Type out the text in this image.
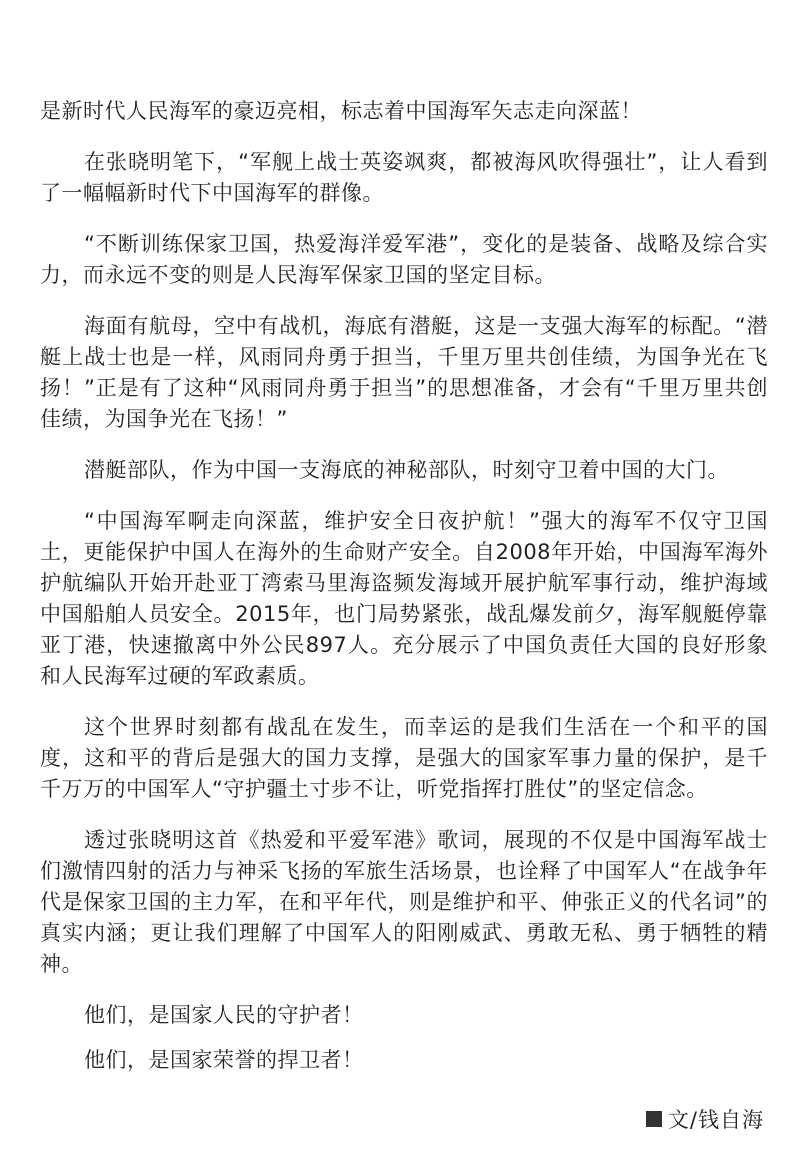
是新时代人民海军的豪迈亮相，标志着中国海军矢志走向深蓝！

在张晓明笔下，“军舰上战士英姿飒爽，都被海风吹得强壮”，让人看到了一幅幅新时代下中国海军的群像。

“不断训练保家卫国，热爱海洋爱军港”，变化的是装备、战略及综合实力，而永远不变的则是人民海军保家卫国的坚定目标。

海面有航母，空中有战机，海底有潜艇，这是一支强大海军的标配。“潜艇上战士也是一样，风雨同舟勇于担当，千里万里共创佳绩，为国争光在飞扬！”正是有了这种“风雨同舟勇于担当”的思想准备，才会有“千里万里共创佳绩，为国争光在飞扬！”

潜艇部队，作为中国一支海底的神秘部队，时刻守卫着中国的大门。

“中国海军啊走向深蓝，维护安全日夜护航！”强大的海军不仅守卫国土，更能保护中国人在海外的生命财产安全。自2008年开始，中国海军海外护航编队开始开赴亚丁湾索马里海盗频发海域开展护航军事行动，维护海域中国船舶人员安全。2015年，也门局势紧张，战乱爆发前夕，海军舰艇停靠亚丁港，快速撤离中外公民897人。充分展示了中国负责任大国的良好形象和人民海军过硬的军政素质。

这个世界时刻都有战乱在发生，而幸运的是我们生活在一个和平的国度，这和平的背后是强大的国力支撑，是强大的国家军事力量的保护，是千千万万的中国军人“守护疆土寸步不让，听党指挥打胜仗”的坚定信念。

透过张晓明这首《热爱和平爱军港》歌词，展现的不仅是中国海军战士们激情四射的活力与神采飞扬的军旅生活场景，也诠释了中国军人“在战争年代是保家卫国的主力军，在和平年代，则是维护和平、伸张正义的代名词”的真实内涵；更让我们理解了中国军人的阳刚威武、勇敢无私、勇于牺牲的精神。

他们，是国家人民的守护者！

他们，是国家荣誉的捍卫者！

文/钱自海
